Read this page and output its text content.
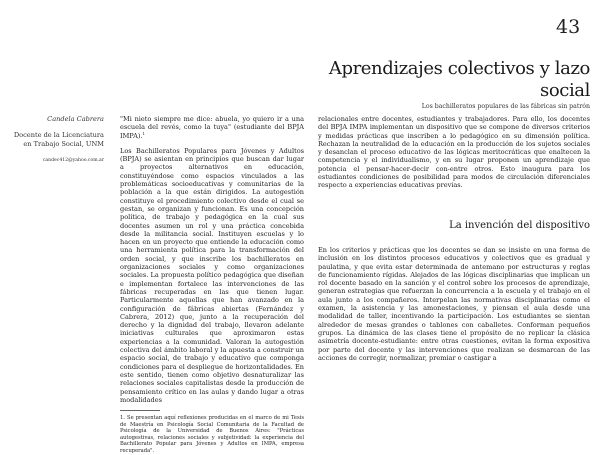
43
Aprendizajes colectivos y lazo social
Los bachilleratos populares de las fábricas sin patrón
Candela Cabrera
Docente de la Licenciatura en Trabajo Social, UNM
candec412@yahoo.com.ar

"Mi nieto siempre me dice: abuela, yo quiero ir a una escuela del revés, como la tuya" (estudiante del BPJA IMPA).$^1$

Los Bachilleratos Populares para Jóvenes y Adultos (BPJA) se asientan en principios que buscan dar lugar a proyectos alternativos en educación, constituyéndose como espacios vinculados a las problemáticas socioeducativas y comunitarias de la población a la que están dirigidos. La autogestión constituye el procedimiento colectivo desde el cual se gestan, se organizan y funcionan. Es una concepción política, de trabajo y pedagógica en la cual sus docentes asumen un rol y una práctica concebida desde la militancia social. Instituyen escuelas y lo hacen en un proyecto que entiende la educación como una herramienta política para la transformación del orden social, y que inscribe los bachilleratos en organizaciones sociales y como organizaciones sociales. La propuesta político pedagógica que diseñan e implementan fortalece las intervenciones de las fábricas recuperadas en las que tienen lugar. Particularmente aquellas que han avanzado en la configuración de fábricas abiertas (Fernández y Cabrera, 2012) que, junto a la recuperación del derecho y la dignidad del trabajo, llevaron adelante iniciativas culturales que aproximaron estas experiencias a la comunidad. Valoran la autogestión colectiva del ámbito laboral y la apuesta a construir un espacio social, de trabajo y educativo que componga condiciones para el despliegue de horizontalidades. En este sentido, tienen como objetivo desnaturalizar las relaciones sociales capitalistas desde la producción de pensamiento crítico en las aulas y dando lugar a otras modalidades

relacionales entre docentes, estudiantes y trabajadores. Para ello, los docentes del BPJA IMPA implementan un dispositivo que se compone de diversos criterios y medidas prácticas que inscriben a lo pedagógico en su dimensión política. Rechazan la neutralidad de la educación en la producción de los sujetos sociales y desanclan el proceso educativo de las lógicas meritocráticas que enaltecen la competencia y el individualismo, y en su lugar proponen un aprendizaje que potencia el pensar-hacer-decir con-entre otros. Esto inaugura para los estudiantes condiciones de posibilidad para modos de circulación diferenciales respecto a experiencias educativas previas.

La invención del dispositivo

En los criterios y prácticas que los docentes se dan se insiste en una forma de inclusión en los distintos procesos educativos y colectivos que es gradual y paulatina, y que evita estar determinada de antemano por estructuras y reglas de funcionamiento rígidas. Alejados de las lógicas disciplinarias que implican un rol docente basado en la sanción y el control sobre los procesos de aprendizaje, generan estrategias que refuerzan la concurrencia a la escuela y el trabajo en el aula junto a los compañeros. Interpelan las normativas disciplinarias como el examen, la asistencia y las amonestaciones, y piensan el aula desde una modalidad de taller, incentivando la participación. Los estudiantes se sientan alrededor de mesas grandes o tablones con caballetes. Conforman pequeños grupos. La dinámica de las clases tiene el propósito de no replicar la clásica asimetría docente-estudiante: entre otras cuestiones, evitan la forma expositiva por parte del docente y las intervenciones que realizan se desmarcan de las acciones de corregir, normalizar, premiar o castigar a

1. Se presentan aquí reflexiones producidas en el marco de mi Tesis de Maestría en Psicología Social Comunitaria de la Facultad de Psicología de la Universidad de Buenos Aires: "Prácticas autogestivas, relaciones sociales y subjetividad: la experiencia del Bachillerato Popular para Jóvenes y Adultos en IMPA, empresa recuperada".
